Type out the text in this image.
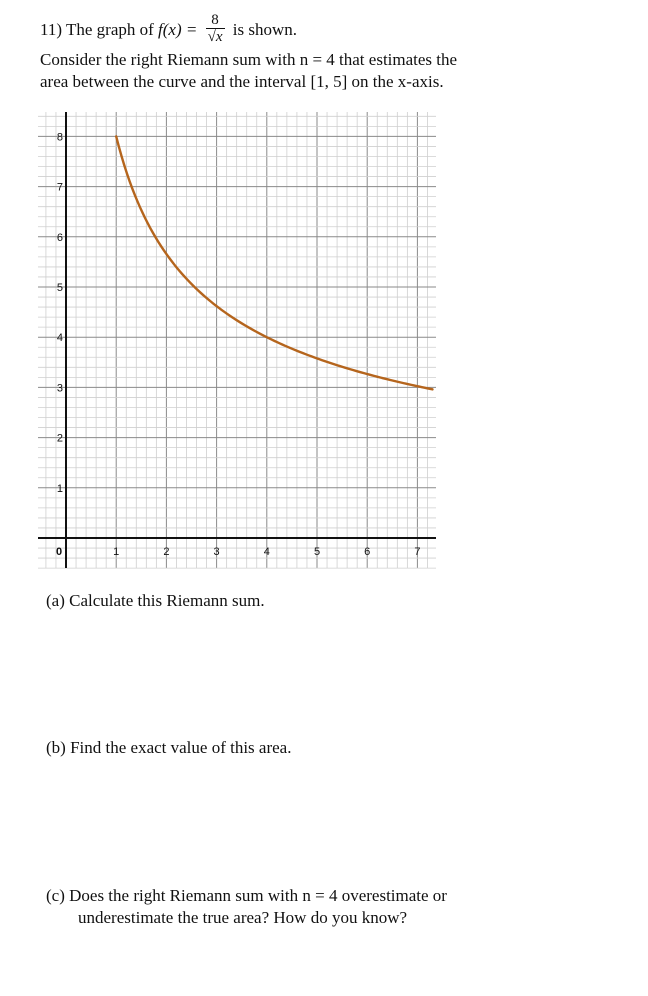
11) The graph of $f(x) = \frac{8}{√x}$ is shown.
Consider the right Riemann sum with n = 4 that estimates the
area between the curve and the interval [1, 5] on the x-axis.
0	1	2	3	4	5	6	7
1
2
3
4
5
6
7
8
(a) Calculate this Riemann sum.
(b) Find the exact value of this area.
(c) Does the right Riemann sum with n = 4 overestimate or
underestimate the true area? How do you know?
